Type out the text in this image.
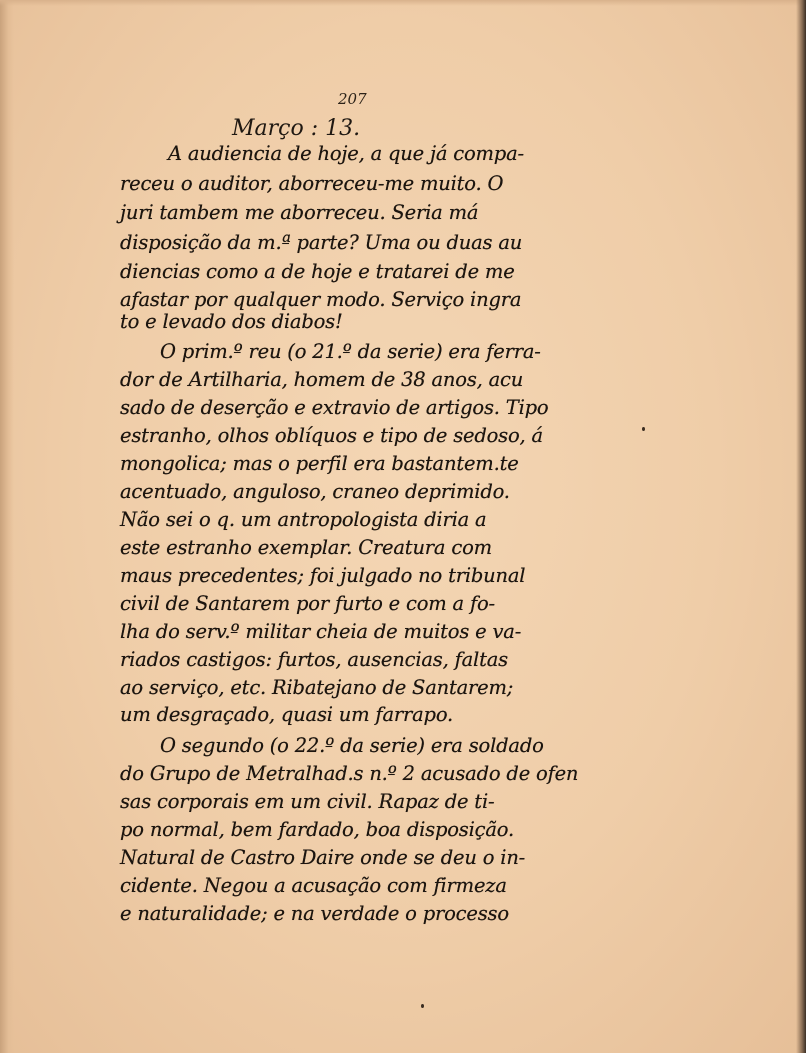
207
Março : 13.
A audiencia de hoje, a que já compa-
receu o auditor, aborreceu-me muito. O
juri tambem me aborreceu. Seria má
disposição da m.ª parte? Uma ou duas au
diencias como a de hoje e tratarei de me
afastar por qualquer modo. Serviço ingra
to e levado dos diabos!
O prim.º reu (o 21.º da serie) era ferra-
dor de Artilharia, homem de 38 anos, acu
sado de deserção e extravio de artigos. Tipo
estranho, olhos oblíquos e tipo de sedoso, á
mongolica; mas o perfil era bastantem.te
acentuado, anguloso, craneo deprimido.
Não sei o q. um antropologista diria a
este estranho exemplar. Creatura com
maus precedentes; foi julgado no tribunal
civil de Santarem por furto e com a fo-
lha do serv.º militar cheia de muitos e va-
riados castigos: furtos, ausencias, faltas
ao serviço, etc. Ribatejano de Santarem;
um desgraçado, quasi um farrapo.
O segundo (o 22.º da serie) era soldado
do Grupo de Metralhad.s n.º 2 acusado de ofen
sas corporais em um civil. Rapaz de ti-
po normal, bem fardado, boa disposição.
Natural de Castro Daire onde se deu o in-
cidente. Negou a acusação com firmeza
e naturalidade; e na verdade o processo
